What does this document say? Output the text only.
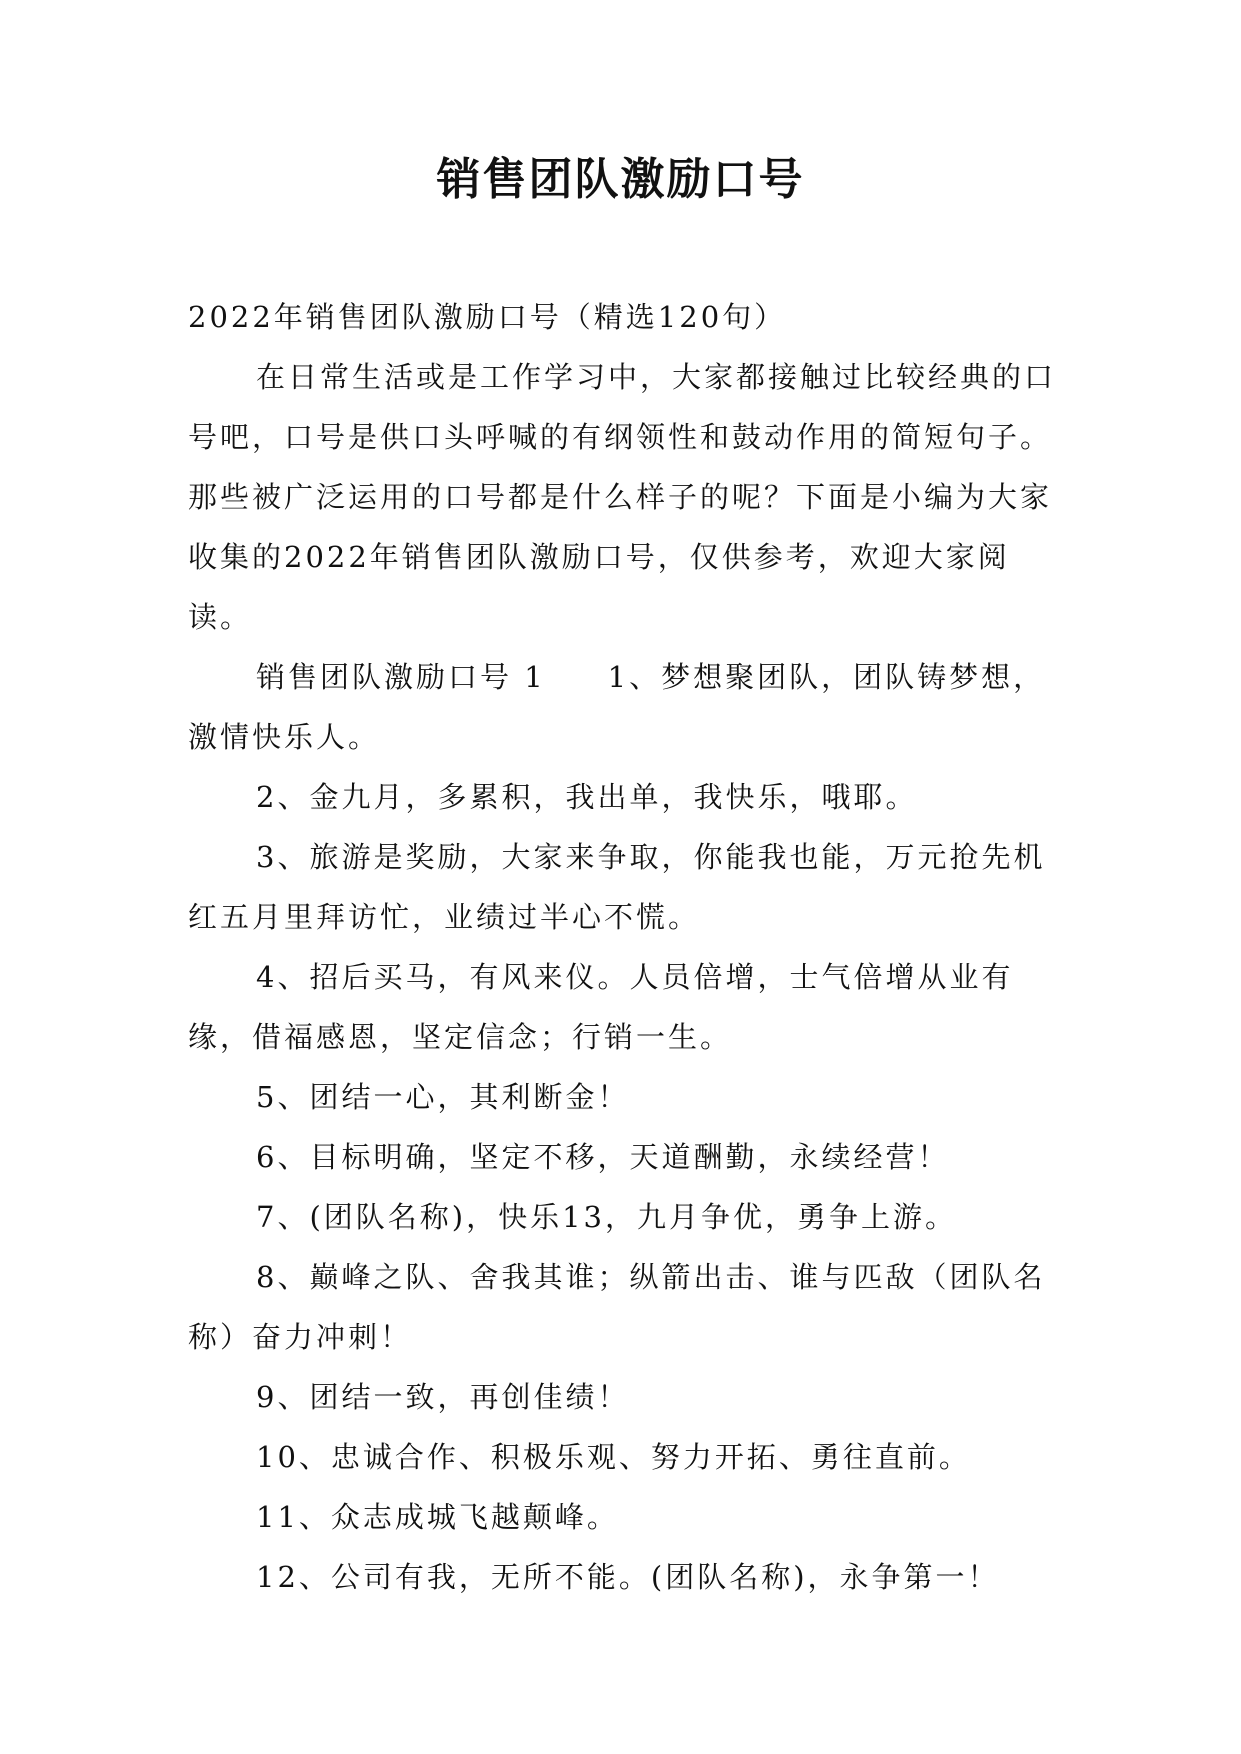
销售团队激励口号

2022年销售团队激励口号（精选120句）

在日常生活或是工作学习中，大家都接触过比较经典的口号吧，口号是供口头呼喊的有纲领性和鼓动作用的简短句子。那些被广泛运用的口号都是什么样子的呢？下面是小编为大家收集的2022年销售团队激励口号，仅供参考，欢迎大家阅读。

销售团队激励口号 1 1、梦想聚团队，团队铸梦想，激情快乐人。

2、金九月，多累积，我出单，我快乐，哦耶。

3、旅游是奖励，大家来争取，你能我也能，万元抢先机红五月里拜访忙，业绩过半心不慌。

4、招后买马，有风来仪。人员倍增，士气倍增从业有缘，借福感恩，坚定信念；行销一生。

5、团结一心，其利断金！

6、目标明确，坚定不移，天道酬勤，永续经营！

7、(团队名称)，快乐13，九月争优，勇争上游。

8、巅峰之队、舍我其谁；纵箭出击、谁与匹敌（团队名称）奋力冲刺！

9、团结一致，再创佳绩！

10、忠诚合作、积极乐观、努力开拓、勇往直前。

11、众志成城飞越颠峰。

12、公司有我，无所不能。(团队名称)，永争第一！
